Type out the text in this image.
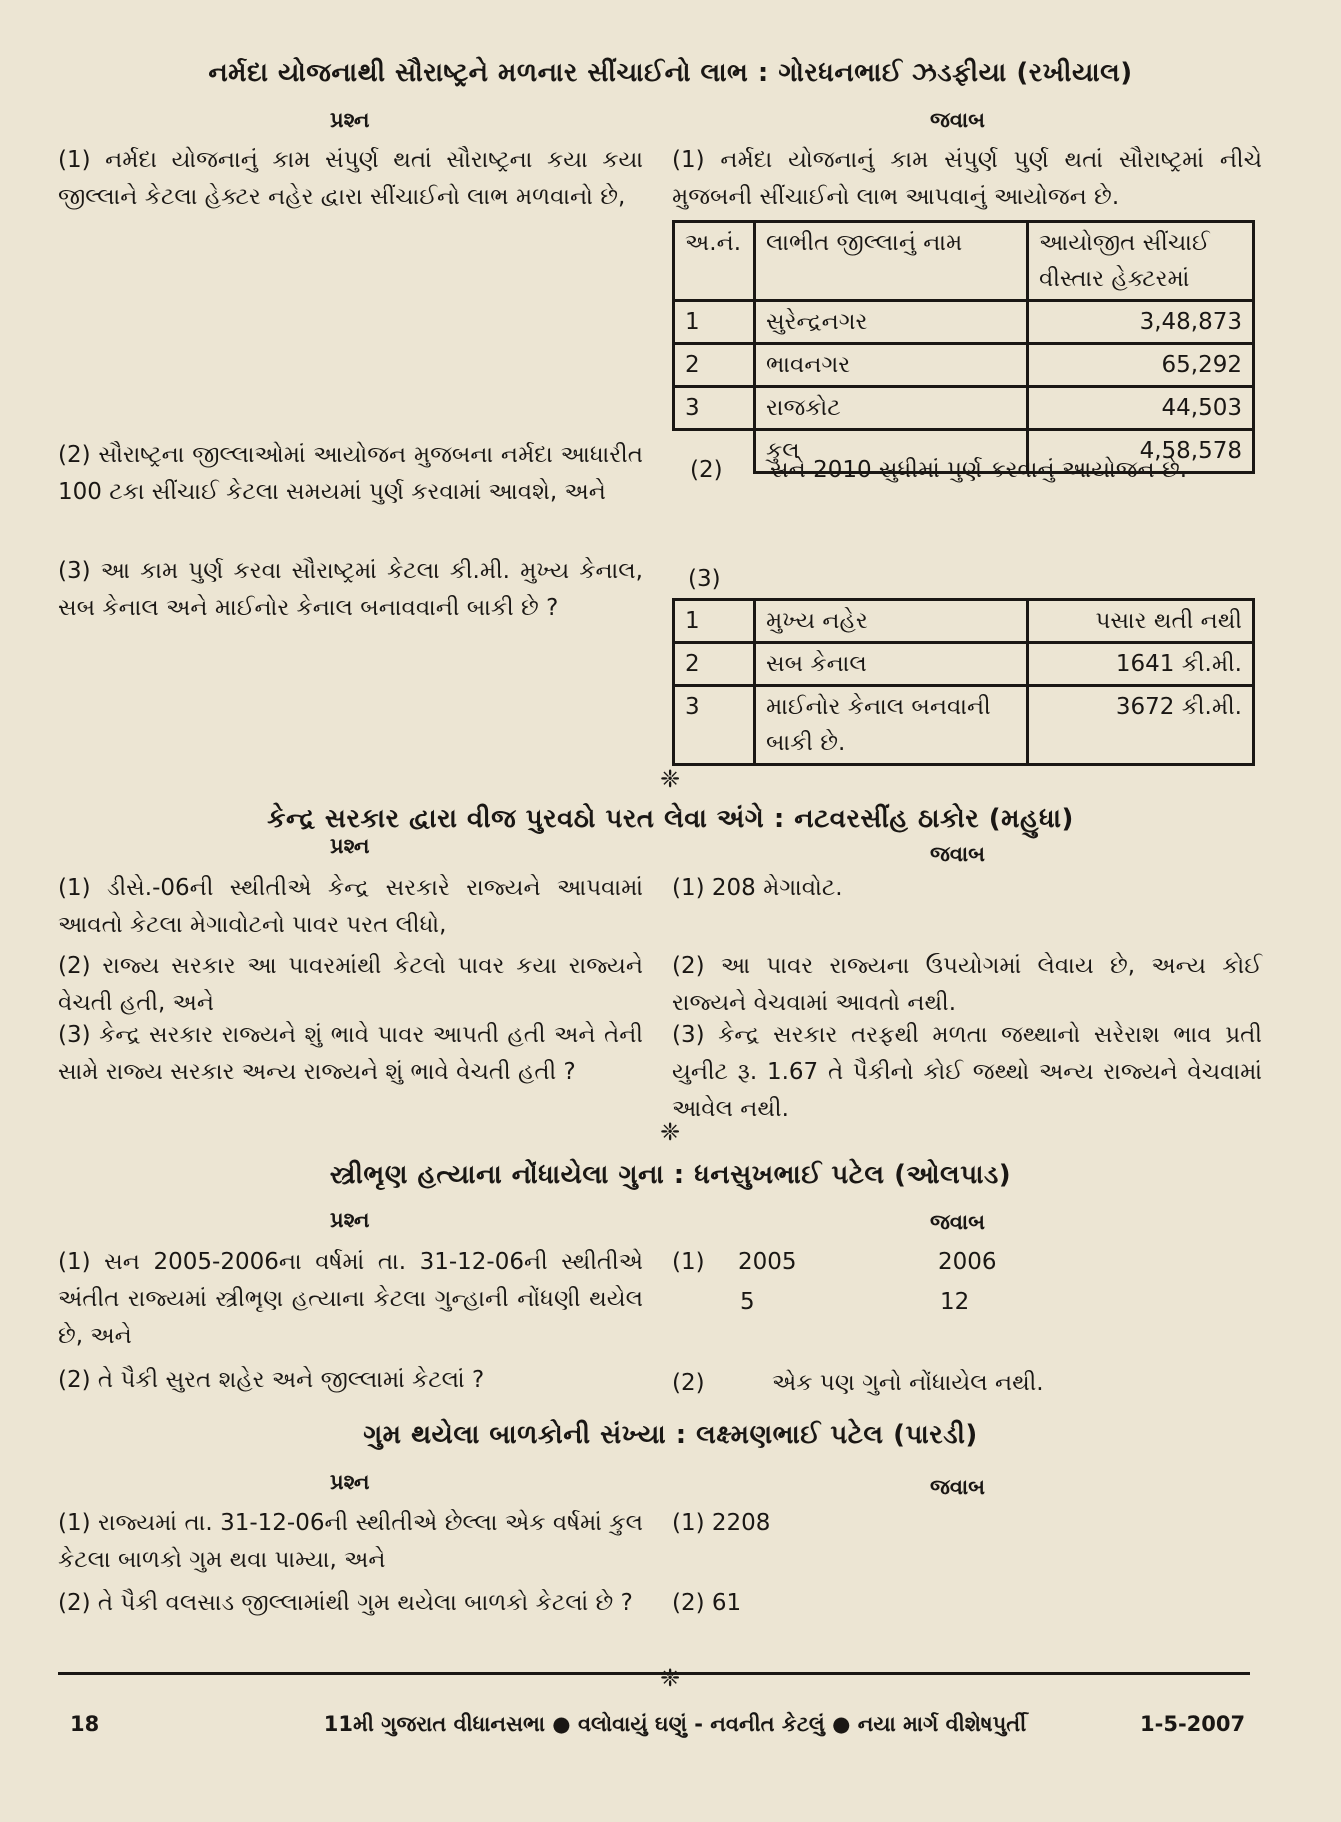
નર્મદા યોજનાથી સૌરાષ્ટ્રને મળનાર સીંચાઈનો લાભ : ગોરધનભાઈ ઝડફીયા (રખીયાલ)
પ્રશ્ન	જવાબ

(1) નર્મદા યોજનાનું કામ સંપુર્ણ થતાં સૌરાષ્ટ્રના કયા કયા જીલ્લાને કેટલા હેક્ટર નહેર દ્વારા સીંચાઈનો લાભ મળવાનો છે,

(2) સૌરાષ્ટ્રના જીલ્લાઓમાં આયોજન મુજબના નર્મદા આધારીત 100 ટકા સીંચાઈ કેટલા સમયમાં પુર્ણ કરવામાં આવશે, અને

(3) આ કામ પુર્ણ કરવા સૌરાષ્ટ્રમાં કેટલા કી.મી. મુખ્ય કેનાલ, સબ કેનાલ અને માઈનોર કેનાલ બનાવવાની બાકી છે ?

(1) નર્મદા યોજનાનું કામ સંપુર્ણ પુર્ણ થતાં સૌરાષ્ટ્રમાં નીચે મુજબની સીંચાઈનો લાભ આપવાનું આયોજન છે.

અ.નં.	લાભીત જીલ્લાનું નામ	આયોજીત સીંચાઈ વીસ્તાર હેક્ટરમાં
1	સુરેન્દ્રનગર	3,48,873
2	ભાવનગર	65,292
3	રાજકોટ	44,503
	કુલ	4,58,578
(2) સને 2010 સુધીમાં પુર્ણ કરવાનું આયોજન છે.
(3)
1	મુખ્ય નહેર	પસાર થતી નથી
2	સબ કેનાલ	1641 કી.મી.
3	માઈનોર કેનાલ બનવાની બાકી છે.	3672 કી.મી.
❈
કેન્દ્ર સરકાર દ્વારા વીજ પુરવઠો પરત લેવા અંગે : નટવરસીંહ ઠાકોર (મહુધા)
પ્રશ્ન	જવાબ

(1) ડીસે.-06ની સ્થીતીએ કેન્દ્ર સરકારે રાજ્યને આપવામાં આવતો કેટલા મેગાવોટનો પાવર પરત લીધો,

(2) રાજ્ય સરકાર આ પાવરમાંથી કેટલો પાવર કયા રાજ્યને વેચતી હતી, અને

(3) કેન્દ્ર સરકાર રાજ્યને શું ભાવે પાવર આપતી હતી અને તેની સામે રાજ્ય સરકાર અન્ય રાજ્યને શું ભાવે વેચતી હતી ?

(1) 208 મેગાવોટ.

(2) આ પાવર રાજ્યના ઉપયોગમાં લેવાય છે, અન્ય કોઈ રાજ્યને વેચવામાં આવતો નથી.

(3) કેન્દ્ર સરકાર તરફથી મળતા જથ્થાનો સરેરાશ ભાવ પ્રતી યુનીટ રૂ. 1.67 તે પૈકીનો કોઈ જથ્થો અન્ય રાજ્યને વેચવામાં આવેલ નથી.

❈
સ્ત્રીભૃણ હત્યાના નોંધાયેલા ગુના : ધનસુખભાઈ પટેલ (ઓલપાડ)
પ્રશ્ન	જવાબ

(1) સન 2005-2006ના વર્ષમાં તા. 31-12-06ની સ્થીતીએ અંતીત રાજ્યમાં સ્ત્રીભૃણ હત્યાના કેટલા ગુન્હાની નોંધણી થયેલ છે, અને

(2) તે પૈકી સુરત શહેર અને જીલ્લામાં કેટલાં ?

(1) 2005	2006
5	12
(2)	એક પણ ગુનો નોંધાયેલ નથી.
ગુમ થયેલા બાળકોની સંખ્યા : લક્ષ્મણભાઈ પટેલ (પારડી)
પ્રશ્ન	જવાબ

(1) રાજ્યમાં તા. 31-12-06ની સ્થીતીએ છેલ્લા એક વર્ષમાં કુલ કેટલા બાળકો ગુમ થવા પામ્યા, અને

(2) તે પૈકી વલસાડ જીલ્લામાંથી ગુમ થયેલા બાળકો કેટલાં છે ?

(1) 2208

(2) 61

❈
18	11મી ગુજરાત વીધાનસભા ● વલોવાયું ઘણું - નવનીત કેટલું ● નયા માર્ગ વીશેષપુર્તી	1-5-2007
